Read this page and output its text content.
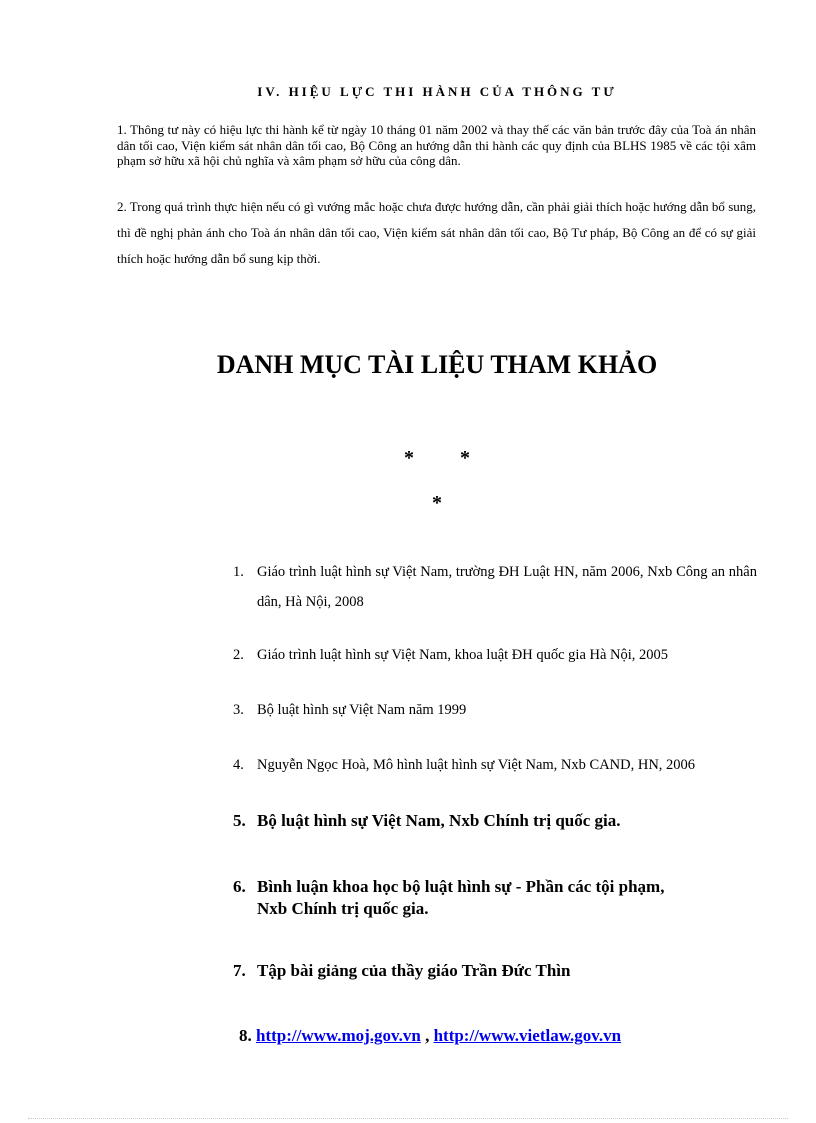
IV. HIỆU LỰC THI HÀNH CỦA THÔNG TƯ
1. Thông tư này có hiệu lực thi hành kể từ ngày 10 tháng 01 năm 2002 và thay thế các văn bản trước đây của Toà án nhân dân tối cao, Viện kiểm sát nhân dân tối cao, Bộ Công an hướng dẫn thi hành các quy định của BLHS 1985 về các tội xâm phạm sở hữu xã hội chủ nghĩa và xâm phạm sở hữu của công dân.
2. Trong quá trình thực hiện nếu có gì vướng mắc hoặc chưa được hướng dẫn, cần phải giải thích hoặc hướng dẫn bổ sung, thì đề nghị phản ánh cho Toà án nhân dân tối cao, Viện kiểm sát nhân dân tối cao, Bộ Tư pháp, Bộ Công an để có sự giải thích hoặc hướng dẫn bổ sung kịp thời.
DANH MỤC TÀI LIỆU THAM KHẢO
* *
*
1. Giáo trình luật hình sự Việt Nam, trường ĐH Luật HN, năm 2006, Nxb Công an nhân dân, Hà Nội, 2008
2. Giáo trình luật hình sự Việt Nam, khoa luật ĐH quốc gia Hà Nội, 2005
3. Bộ luật hình sự Việt Nam năm 1999
4. Nguyễn Ngọc Hoà, Mô hình luật hình sự Việt Nam, Nxb CAND, HN, 2006
5. Bộ luật hình sự Việt Nam, Nxb Chính trị quốc gia.
6. Bình luận khoa học bộ luật hình sự - Phần các tội phạm,
Nxb Chính trị quốc gia.
7. Tập bài giảng của thầy giáo Trần Đức Thìn
8. http://www.moj.gov.vn , http://www.vietlaw.gov.vn
